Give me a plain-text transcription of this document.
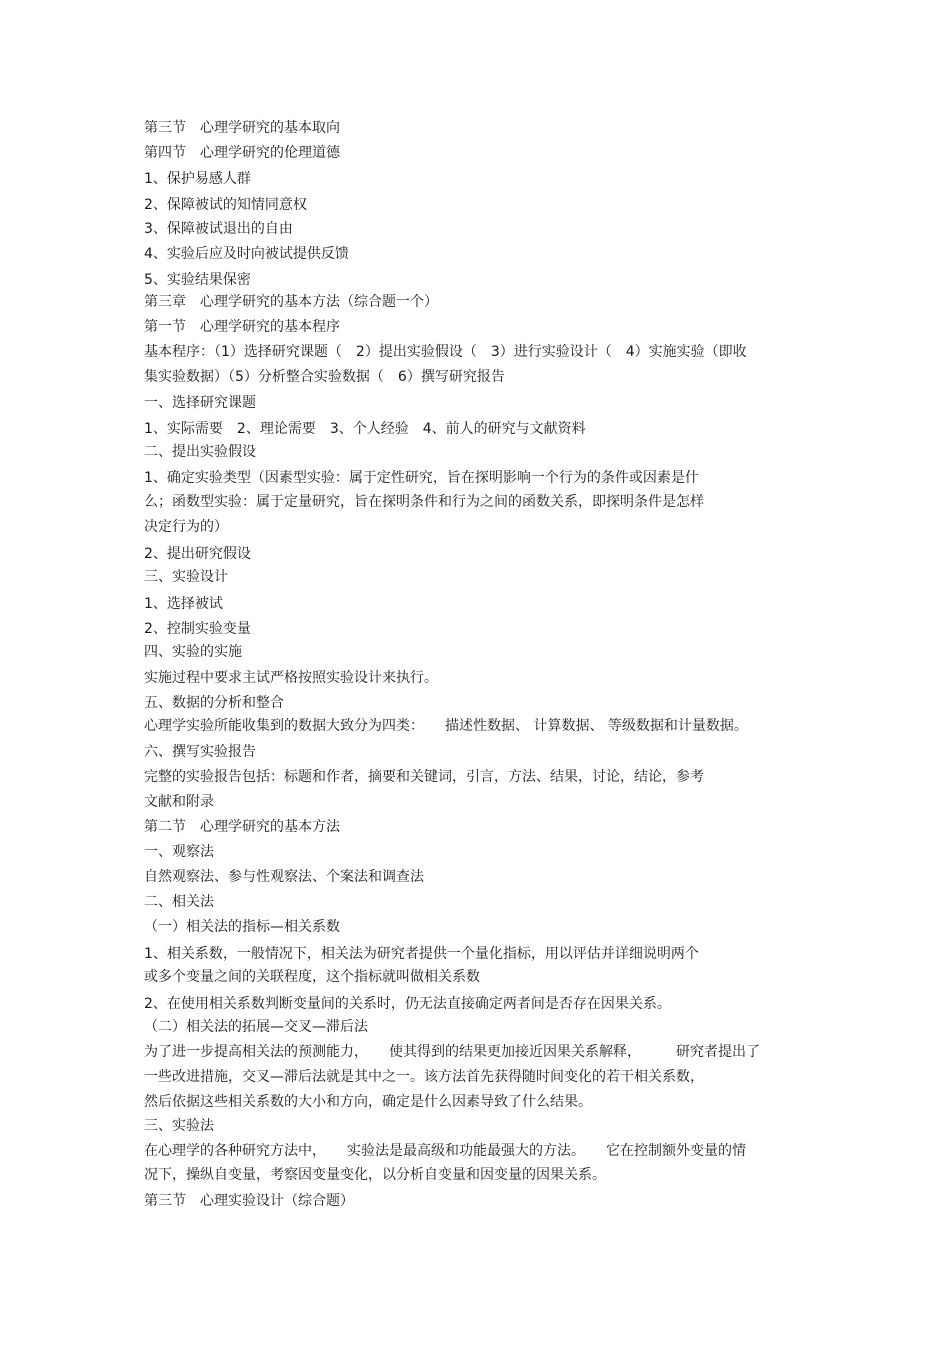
第三节　心理学研究的基本取向

第四节　心理学研究的伦理道德

1、保护易感人群

2、保障被试的知情同意权

3、保障被试退出的自由

4、实验后应及时向被试提供反馈

5、实验结果保密

第三章　心理学研究的基本方法（综合题一个）

第一节　心理学研究的基本程序

基本程序：（1）选择研究课题（　2）提出实验假设（　3）进行实验设计（　4）实施实验（即收

集实验数据）（5）分析整合实验数据（　6）撰写研究报告

一、选择研究课题

1、实际需要　2、理论需要　3、个人经验　4、前人的研究与文献资料

二、提出实验假设

1、确定实验类型（因素型实验：属于定性研究，旨在探明影响一个行为的条件或因素是什

么；函数型实验：属于定量研究，旨在探明条件和行为之间的函数关系，即探明条件是怎样

决定行为的）

2、提出研究假设

三、实验设计

1、选择被试

2、控制实验变量

四、实验的实施

实施过程中要求主试严格按照实验设计来执行。

五、数据的分析和整合

心理学实验所能收集到的数据大致分为四类：　　描述性数据、 计算数据、 等级数据和计量数据。

六、撰写实验报告

完整的实验报告包括：标题和作者，摘要和关键词，引言，方法、结果，讨论，结论，参考

文献和附录

第二节　心理学研究的基本方法

一、观察法

自然观察法、参与性观察法、个案法和调查法

二、相关法

（一）相关法的指标—相关系数

1、相关系数，一般情况下，相关法为研究者提供一个量化指标，用以评估并详细说明两个

或多个变量之间的关联程度，这个指标就叫做相关系数

2、在使用相关系数判断变量间的关系时，仍无法直接确定两者间是否存在因果关系。

（二）相关法的拓展—交叉—滞后法

为了进一步提高相关法的预测能力，　　使其得到的结果更加接近因果关系解释，　　　研究者提出了

一些改进措施，交叉—滞后法就是其中之一。该方法首先获得随时间变化的若干相关系数，

然后依据这些相关系数的大小和方向，确定是什么因素导致了什么结果。

三、实验法

在心理学的各种研究方法中，　　实验法是最高级和功能最强大的方法。　　它在控制额外变量的情

况下，操纵自变量，考察因变量变化，以分析自变量和因变量的因果关系。

第三节　心理实验设计（综合题）
